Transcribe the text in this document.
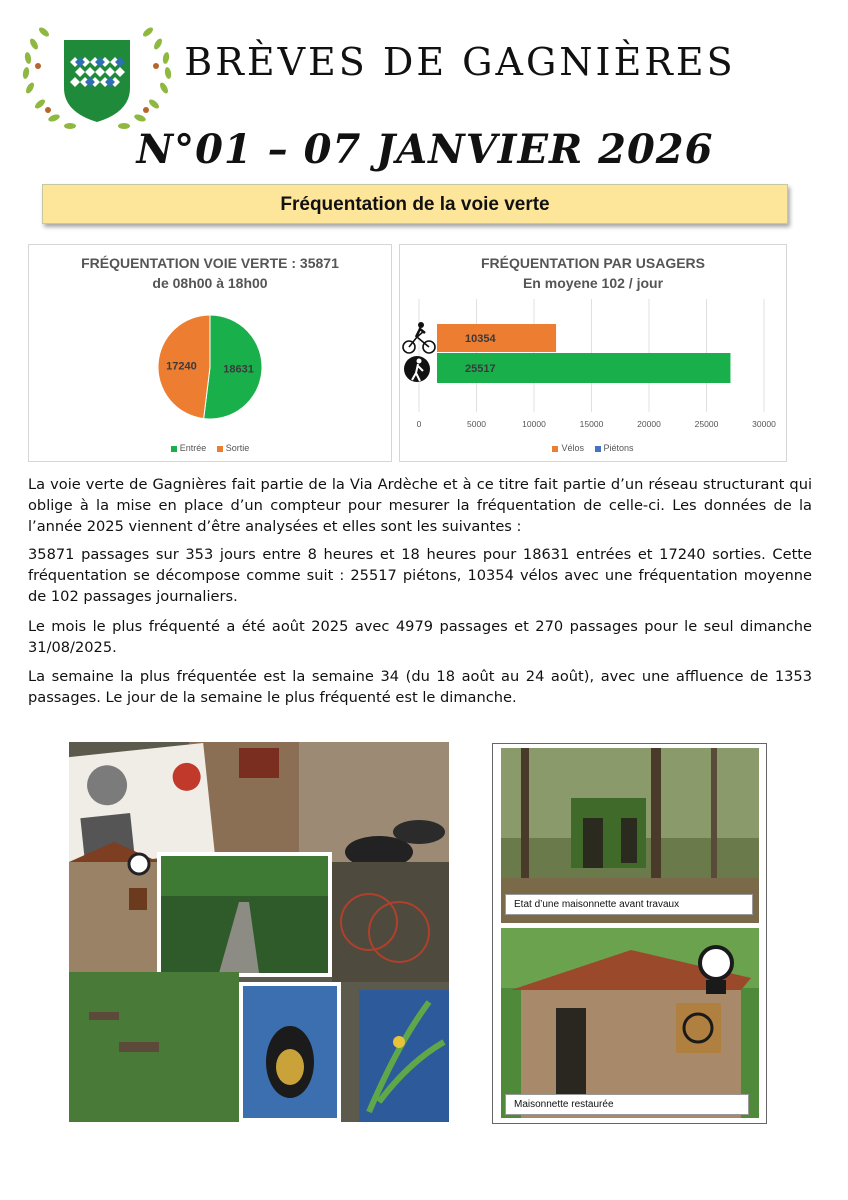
BRÈVES DE GAGNIÈRES
N°01 – 07 JANVIER 2026
Fréquentation de la voie verte
FRÉQUENTATION VOIE VERTE : 35871
de 08h00 à 18h00
18631
17240
Entrée Sortie
FRÉQUENTATION PAR USAGERS
En moyene 102 / jour
0	5000	10000	15000	20000	25000	30000
10354
25517
Vélos Piétons

La voie verte de Gagnières fait partie de la Via Ardèche et à ce titre fait partie d’un réseau structurant qui oblige à la mise en place d’un compteur pour mesurer la fréquentation de celle-ci. Les données de la l’année 2025 viennent d’être analysées et elles sont les suivantes :

35871 passages sur 353 jours entre 8 heures et 18 heures pour 18631 entrées et 17240 sorties. Cette fréquentation se décompose comme suit : 25517 piétons, 10354 vélos avec une fréquentation moyenne de 102 passages journaliers.

Le mois le plus fréquenté a été août 2025 avec 4979 passages et 270 passages pour le seul dimanche 31/08/2025.

La semaine la plus fréquentée est la semaine 34 (du 18 août au 24 août), avec une affluence de 1353 passages. Le jour de la semaine le plus fréquenté est le dimanche.

Etat d’une maisonnette avant travaux
Maisonnette restaurée
